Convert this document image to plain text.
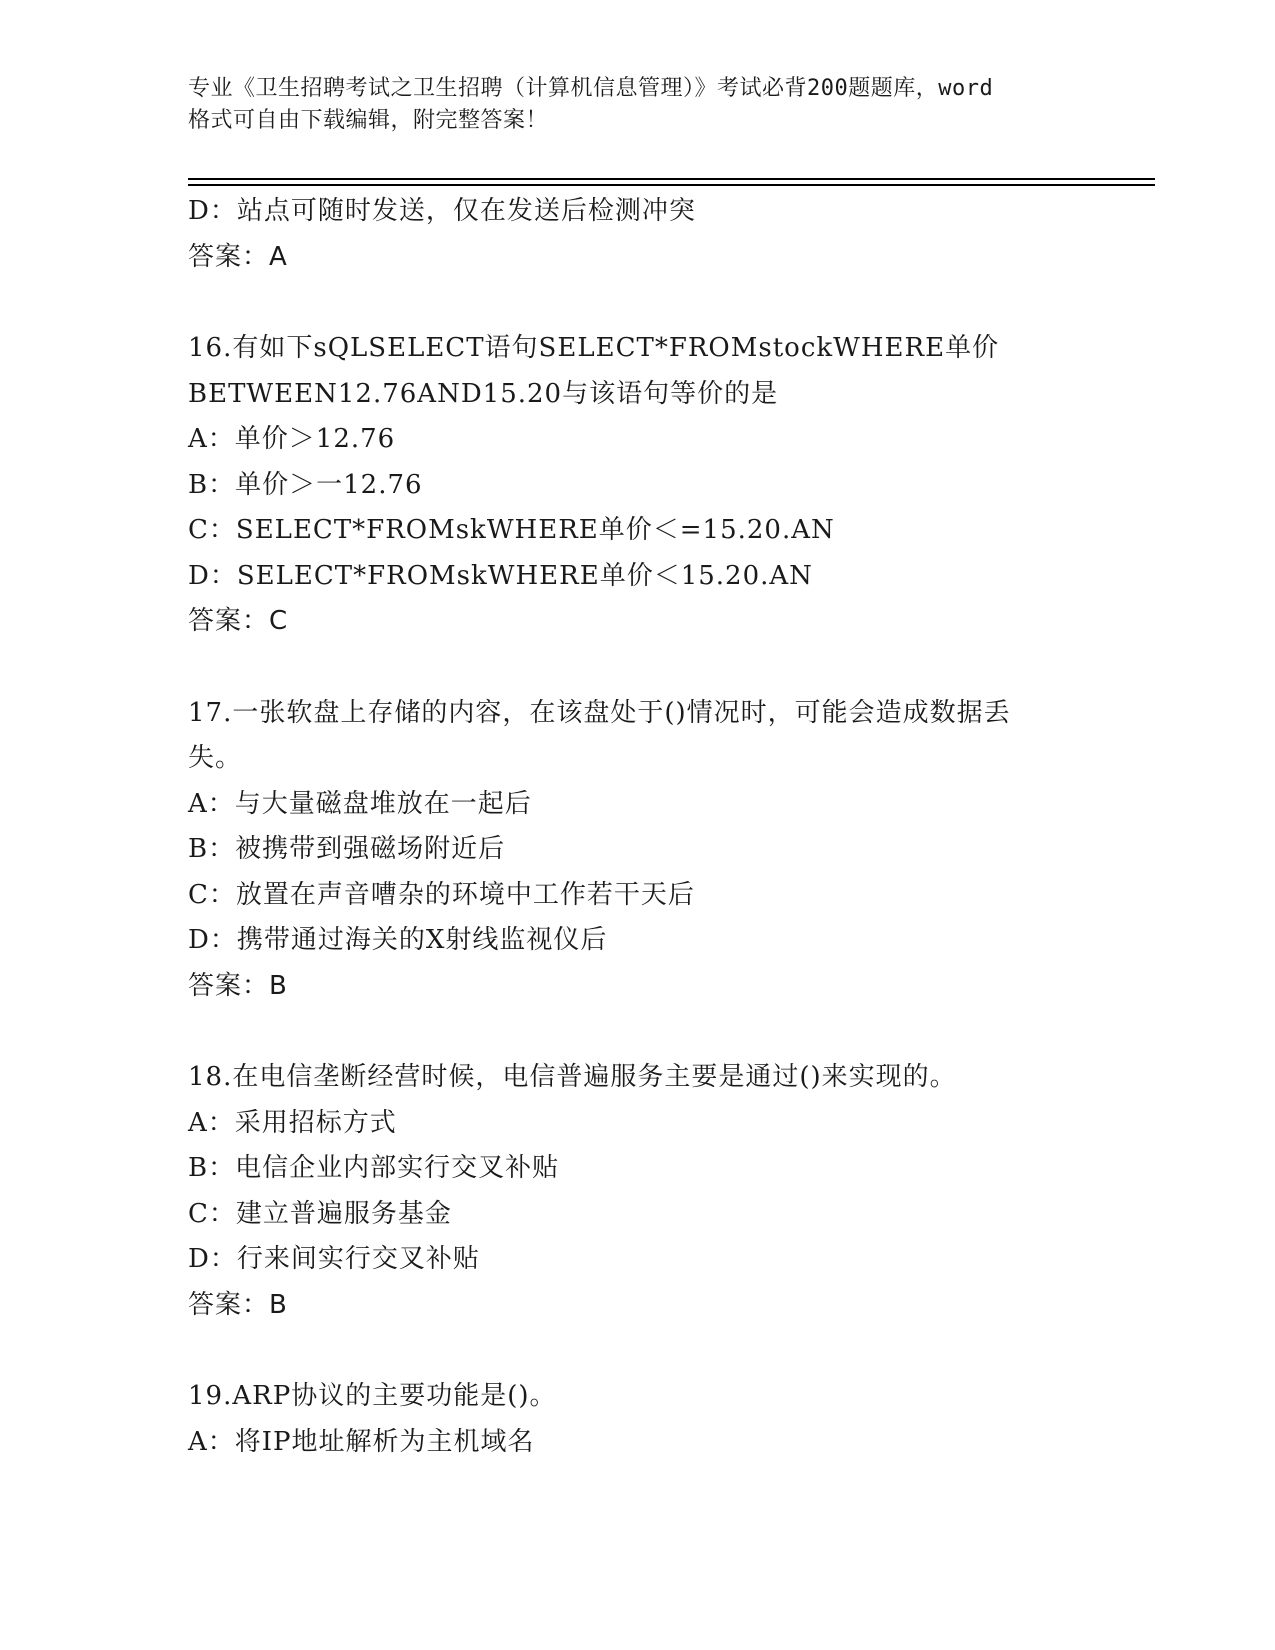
专业《卫生招聘考试之卫生招聘（计算机信息管理）》考试必背200题题库，word
格式可自由下载编辑，附完整答案！
D：站点可随时发送，仅在发送后检测冲突
答案：A
16.有如下sQLSELECT语句SELECT*FROMstockWHERE单价
BETWEEN12.76AND15.20与该语句等价的是
A：单价＞12.76
B：单价＞一12.76
C：SELECT*FROMskWHERE单价＜=15.20.AN
D：SELECT*FROMskWHERE单价＜15.20.AN
答案：C
17.一张软盘上存储的内容，在该盘处于()情况时，可能会造成数据丢
失。
A：与大量磁盘堆放在一起后
B：被携带到强磁场附近后
C：放置在声音嘈杂的环境中工作若干天后
D：携带通过海关的X射线监视仪后
答案：B
18.在电信垄断经营时候，电信普遍服务主要是通过()来实现的。
A：采用招标方式
B：电信企业内部实行交叉补贴
C：建立普遍服务基金
D：行来间实行交叉补贴
答案：B
19.ARP协议的主要功能是()。
A：将IP地址解析为主机域名
